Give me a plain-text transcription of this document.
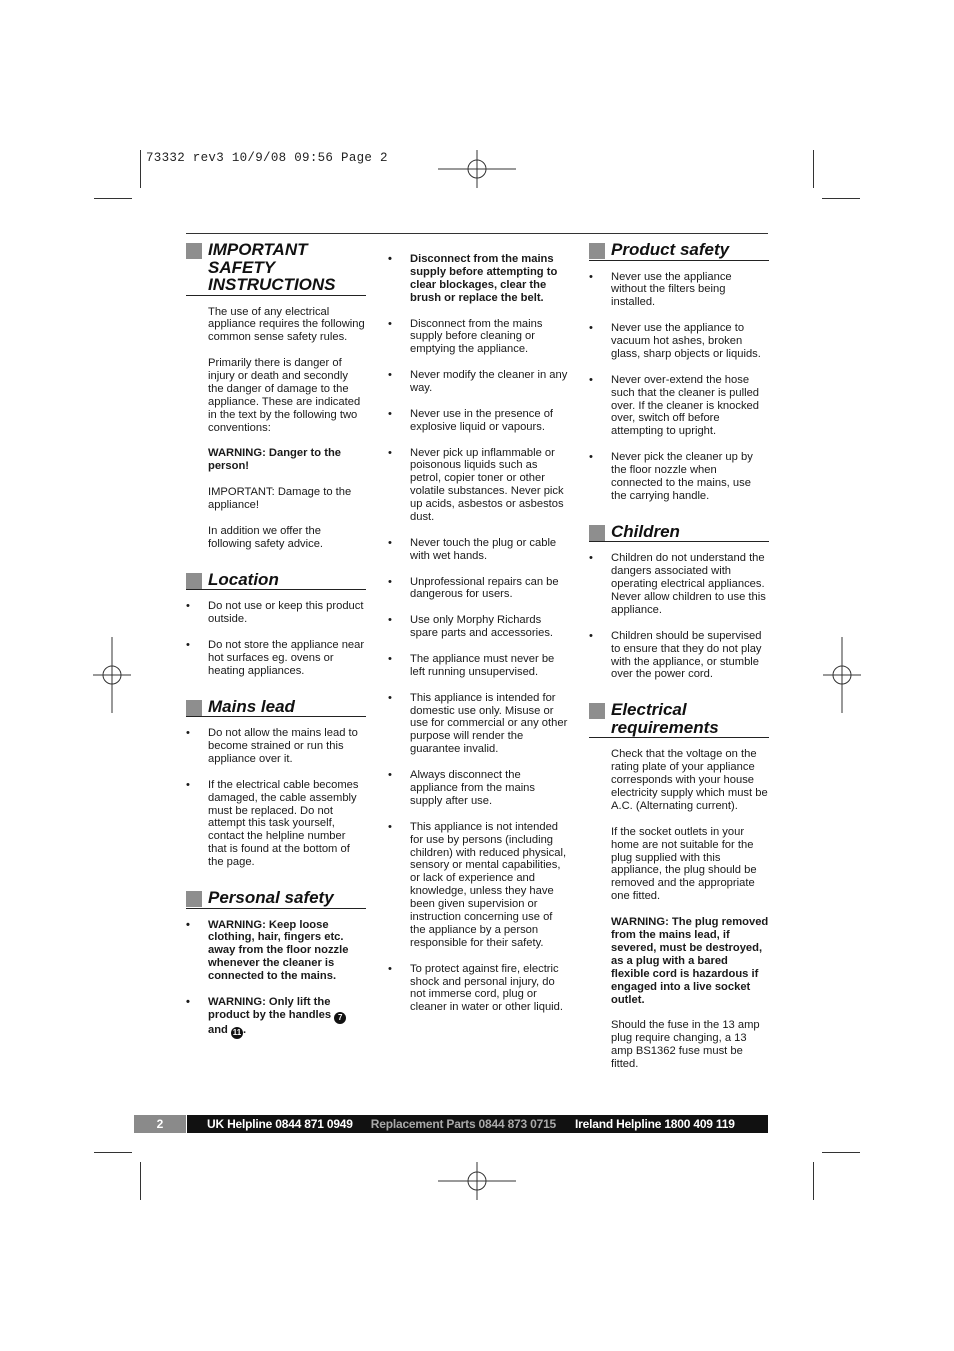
73332 rev3 10/9/08 09:56 Page 2
IMPORTANT
SAFETY
INSTRUCTIONS

The use of any electrical appliance requires the following common sense safety rules.

Primarily there is danger of injury or death and secondly the danger of damage to the appliance. These are indicated in the text by the following two conventions:

WARNING: Danger to the person!

IMPORTANT: Damage to the appliance!

In addition we offer the following safety advice.

Location
• Do not use or keep this product outside.
• Do not store the appliance near hot surfaces eg. ovens or heating appliances.
Mains lead
• Do not allow the mains lead to become strained or run this appliance over it.
• If the electrical cable becomes damaged, the cable assembly must be replaced. Do not attempt this task yourself, contact the helpline number that is found at the bottom of the page.
Personal safety
• WARNING: Keep loose clothing, hair, fingers etc. away from the floor nozzle whenever the cleaner is connected to the mains.
• WARNING: Only lift the product by the handles 7 and 11 .
• Disconnect from the mains supply before attempting to clear blockages, clear the brush or replace the belt.
• Disconnect from the mains supply before cleaning or emptying the appliance.
• Never modify the cleaner in any way.
• Never use in the presence of explosive liquid or vapours.
• Never pick up inflammable or poisonous liquids such as petrol, copier toner or other volatile substances. Never pick up acids, asbestos or asbestos dust.
• Never touch the plug or cable with wet hands.
• Unprofessional repairs can be dangerous for users.
• Use only Morphy Richards spare parts and accessories.
• The appliance must never be left running unsupervised.
• This appliance is intended for domestic use only. Misuse or use for commercial or any other purpose will render the guarantee invalid.
• Always disconnect the appliance from the mains supply after use.
• This appliance is not intended for use by persons (including children) with reduced physical, sensory or mental capabilities, or lack of experience and knowledge, unless they have been given supervision or instruction concerning use of the appliance by a person responsible for their safety.
• To protect against fire, electric shock and personal injury, do not immerse cord, plug or cleaner in water or other liquid.
Product safety
• Never use the appliance without the filters being installed.
• Never use the appliance to vacuum hot ashes, broken glass, sharp objects or liquids.
• Never over-extend the hose such that the cleaner is pulled over. If the cleaner is knocked over, switch off before attempting to upright.
• Never pick the cleaner up by the floor nozzle when connected to the mains, use the carrying handle.
Children
• Children do not understand the dangers associated with operating electrical appliances. Never allow children to use this appliance.
• Children should be supervised to ensure that they do not play with the appliance, or stumble over the power cord.
Electrical
requirements

Check that the voltage on the rating plate of your appliance corresponds with your house electricity supply which must be A.C. (Alternating current).

If the socket outlets in your home are not suitable for the plug supplied with this appliance, the plug should be removed and the appropriate one fitted.

WARNING: The plug removed from the mains lead, if severed, must be destroyed, as a plug with a bared flexible cord is hazardous if engaged into a live socket outlet.

Should the fuse in the 13 amp plug require changing, a 13 amp BS1362 fuse must be fitted.

2	UK Helpline 0844 871 0949 Replacement Parts 0844 873 0715 Ireland Helpline 1800 409 119
